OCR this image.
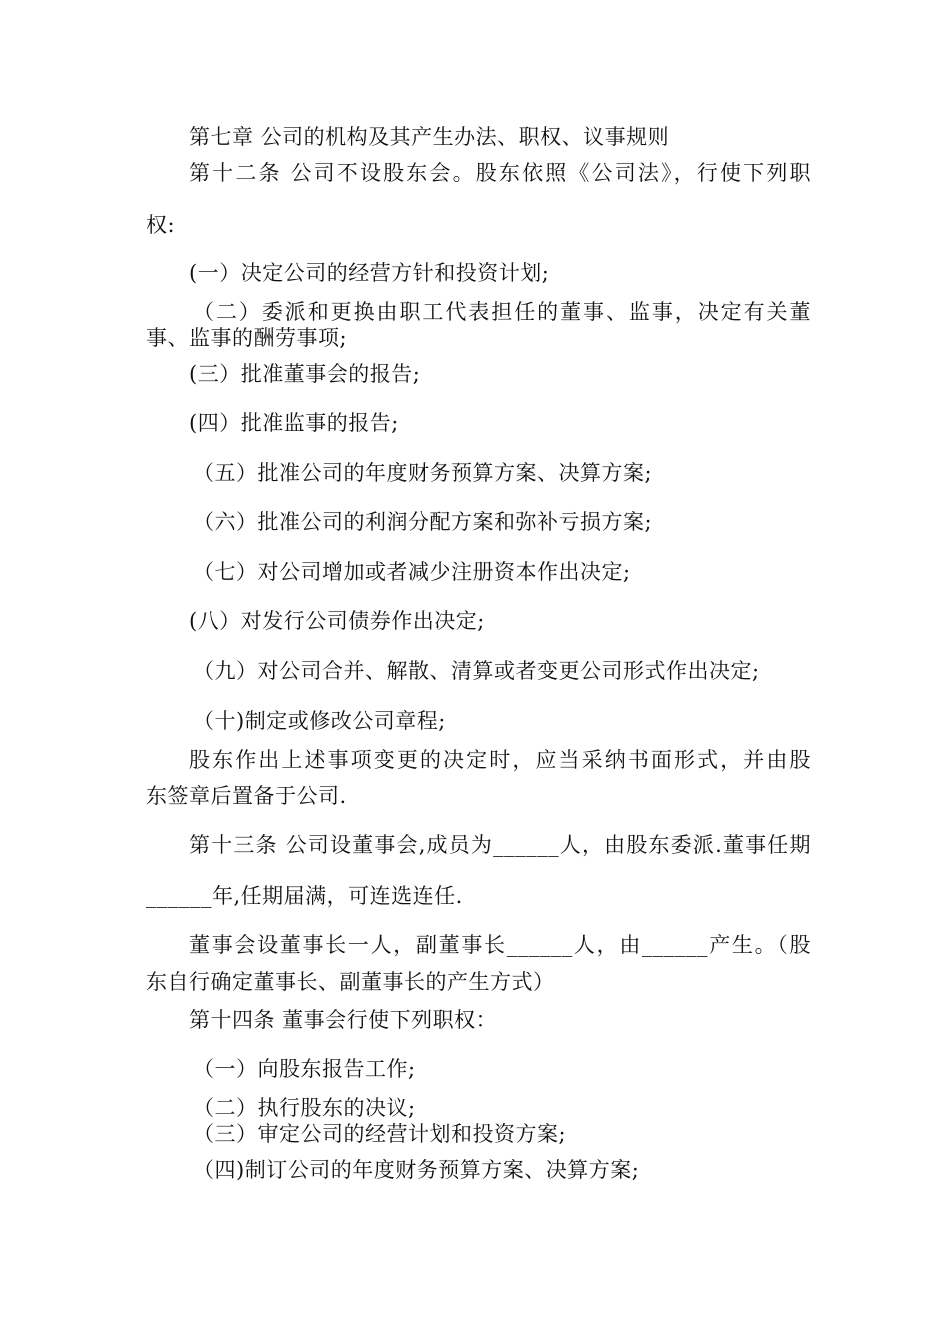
第七章 公司的机构及其产生办法、职权、议事规则
第十二条 公司不设股东会。股东依照《公司法》，行使下列职
权:
(一）决定公司的经营方针和投资计划;
（二）委派和更换由职工代表担任的董事、监事，决定有关董
事、监事的酬劳事项;
(三）批准董事会的报告;
(四）批准监事的报告;
（五）批准公司的年度财务预算方案、决算方案;
（六）批准公司的利润分配方案和弥补亏损方案;
（七）对公司增加或者减少注册资本作出决定;
(八）对发行公司债券作出决定;
（九）对公司合并、解散、清算或者变更公司形式作出决定;
（十)制定或修改公司章程;
股东作出上述事项变更的决定时，应当采纳书面形式，并由股
东签章后置备于公司.
第十三条 公司设董事会,成员为______人，由股东委派.董事任期
______年,任期届满，可连选连任.
董事会设董事长一人，副董事长______人，由______产生。（股
东自行确定董事长、副董事长的产生方式）
第十四条 董事会行使下列职权：
（一）向股东报告工作;
（二）执行股东的决议;
（三）审定公司的经营计划和投资方案;
（四)制订公司的年度财务预算方案、决算方案;
